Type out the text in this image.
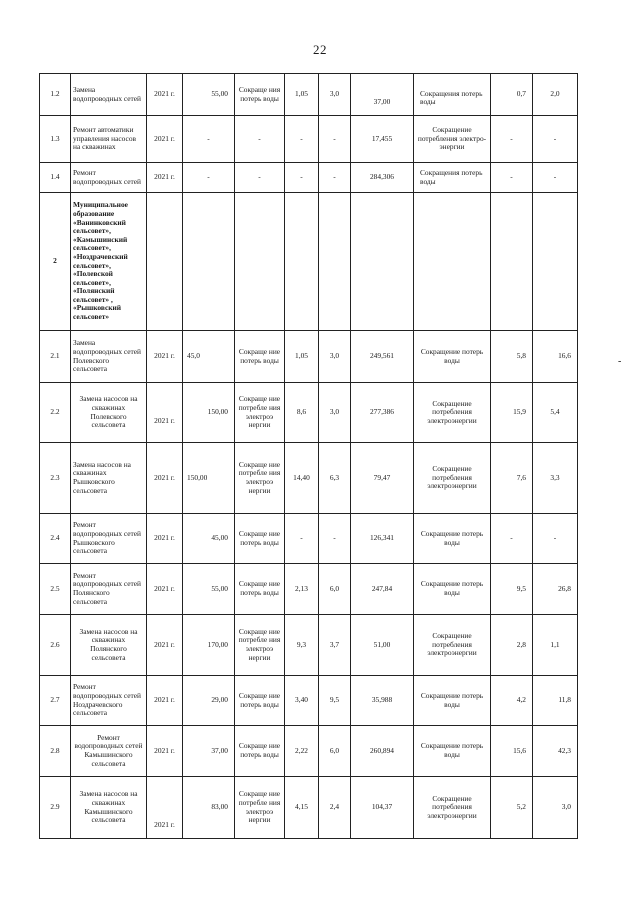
22
-
1.2	Замена водопроводных сетей	2021 г.	55,00	Сокраще ния потерь воды	1,05	3,0	37,00	Сокращения потерь воды	0,7	2,0
1.3	Ремонт автоматики управления насосов на скважинах	2021 г.	-	-	-	-	17,455	Сокращение потребления электро-энергии	-	-
1.4	Ремонт водопроводных сетей	2021 г.	-	-	-	-	284,306	Сокращения потерь воды	-	-
2	Муниципальное образование «Ванинковский сельсовет», «Камышинский сельсовет», «Ноздрачевский сельсовет», «Полевской сельсовет», «Полянский сельсовет» , «Рышковский сельсовет»									
2.1	Замена водопроводных сетей Полевского сельсовета	2021 г.	45,0	Сокраще ние потерь воды	1,05	3,0	249,561	Сокращение потерь воды	5,8	16,6
2.2	Замена насосов на скважинах Полевского сельсовета	2021 г.	150,00	Сокраще ние потребле ния электроэ нергии	8,6	3,0	277,386	Сокращение потребления электроэнергии	15,9	5,4
2.3	Замена насосов на скважинах Рышковского сельсовета	2021 г.	150,00	Сокраще ние потребле ния электроэ нергии	14,40	6,3	79,47	Сокращение потребления электроэнергии	7,6	3,3
2.4	Ремонт водопроводных сетей Рышковского сельсовета	2021 г.	45,00	Сокраще ние потерь воды	-	-	126,341	Сокращение потерь воды	-	-
2.5	Ремонт водопроводных сетей Полянского сельсовета	2021 г.	55,00	Сокраще ние потерь воды	2,13	6,0	247,84	Сокращение потерь воды	9,5	26,8
2.6	Замена насосов на скважинах Полянского сельсовета	2021 г.	170,00	Сокраще ние потребле ния электроэ нергии	9,3	3,7	51,00	Сокращение потребления электроэнергии	2,8	1,1
2.7	Ремонт водопроводных сетей Ноздрачевского сельсовета	2021 г.	29,00	Сокраще ние потерь воды	3,40	9,5	35,988	Сокращение потерь воды	4,2	11,8
2.8	Ремонт водопроводных сетей Камышинского сельсовета	2021 г.	37,00	Сокраще ние потерь воды	2,22	6,0	260,894	Сокращение потерь воды	15,6	42,3
2.9	Замена насосов на скважинах Камышинского сельсовета	2021 г.	83,00	Сокраще ние потребле ния электроэ нергии	4,15	2,4	104,37	Сокращение потребления электроэнергии	5,2	3,0
